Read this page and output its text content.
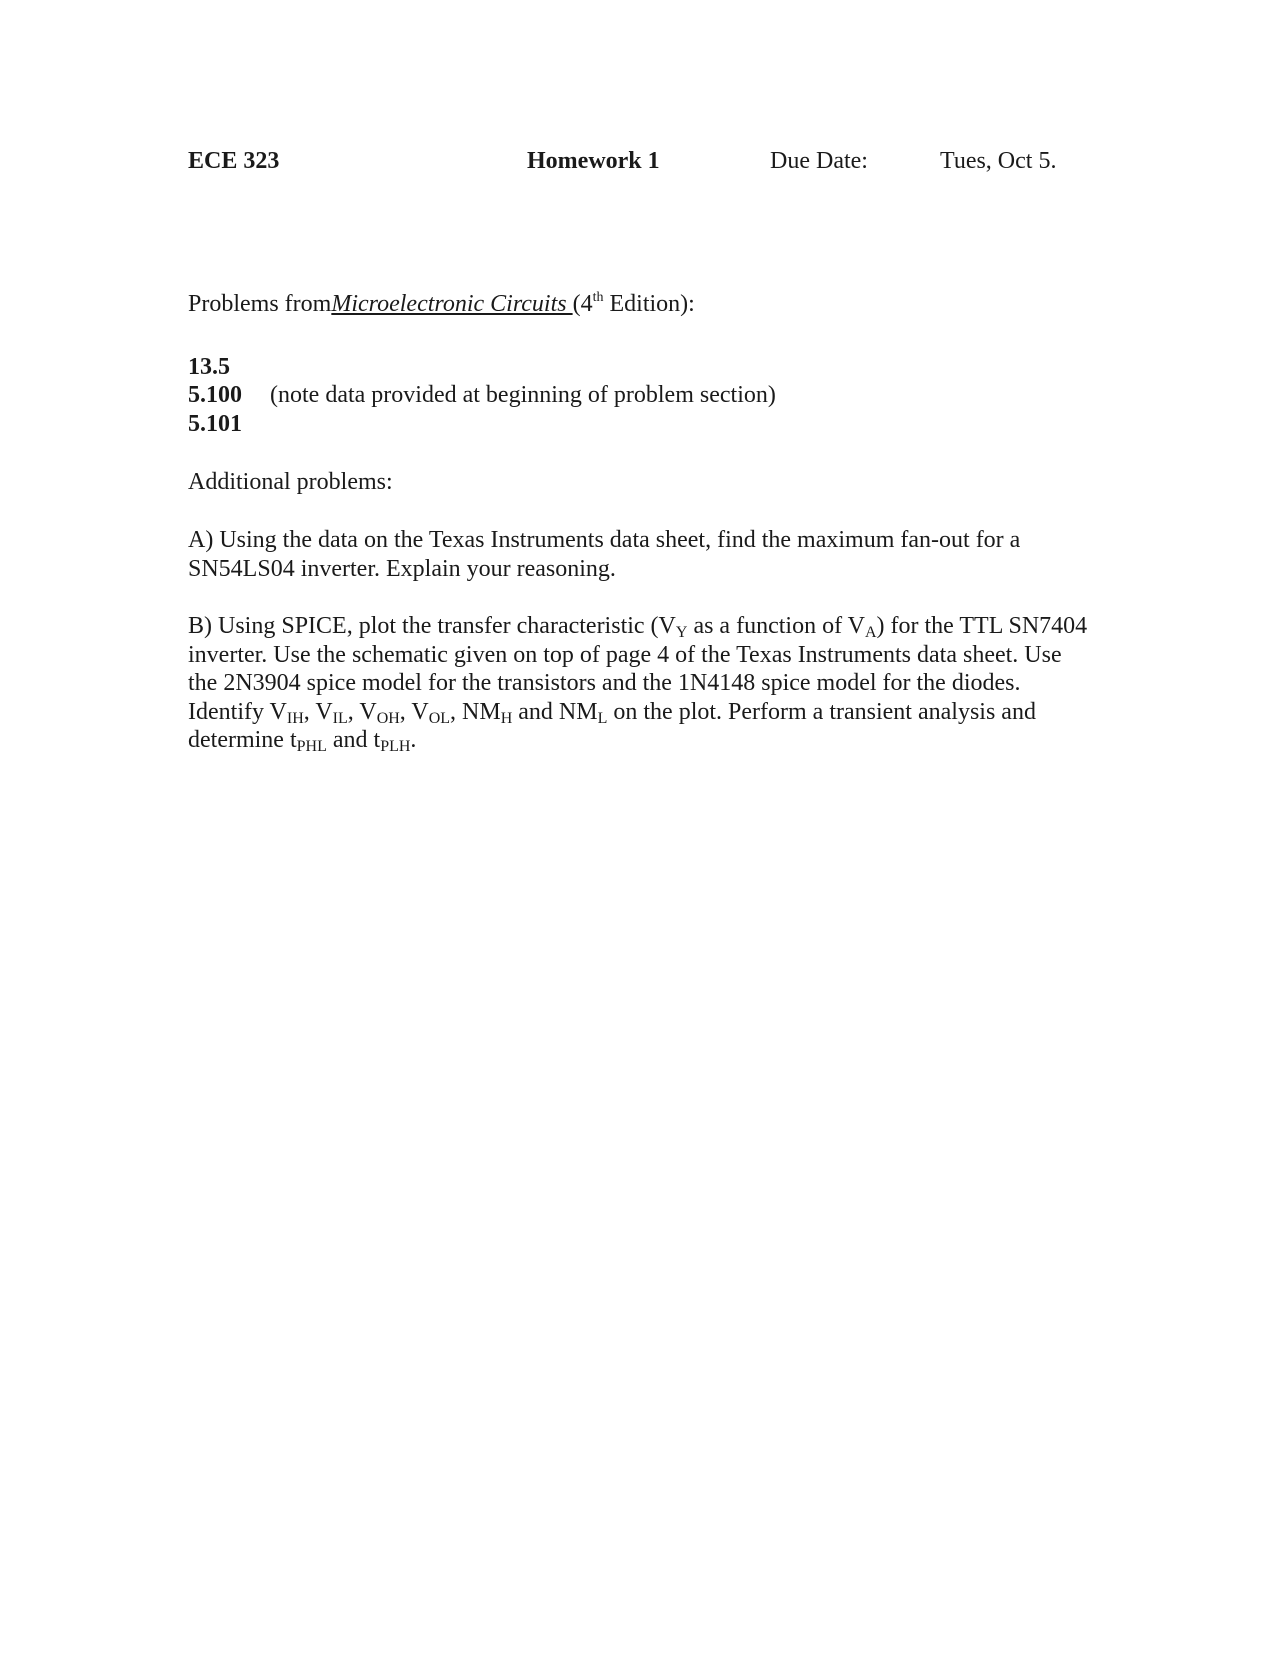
ECE 323	Homework 1	Due Date:	Tues, Oct 5.
Problems fromMicroelectronic Circuits (4th Edition):
13.5
5.100 (note data provided at beginning of problem section)
5.101
Additional problems:
A) Using the data on the Texas Instruments data sheet, find the maximum fan-out for a SN54LS04 inverter. Explain your reasoning.
B) Using SPICE, plot the transfer characteristic ($V_Y$ as a function of $V_A$) for the TTL SN7404 inverter. Use the schematic given on top of page 4 of the Texas Instruments data sheet. Use the 2N3904 spice model for the transistors and the 1N4148 spice model for the diodes. Identify $V_{IH}$, $V_{IL}$, $V_{OH}$, $V_{OL}$, $NM_H$ and $NM_L$ on the plot. Perform a transient analysis and determine $t_{PHL}$ and $t_{PLH}$.
